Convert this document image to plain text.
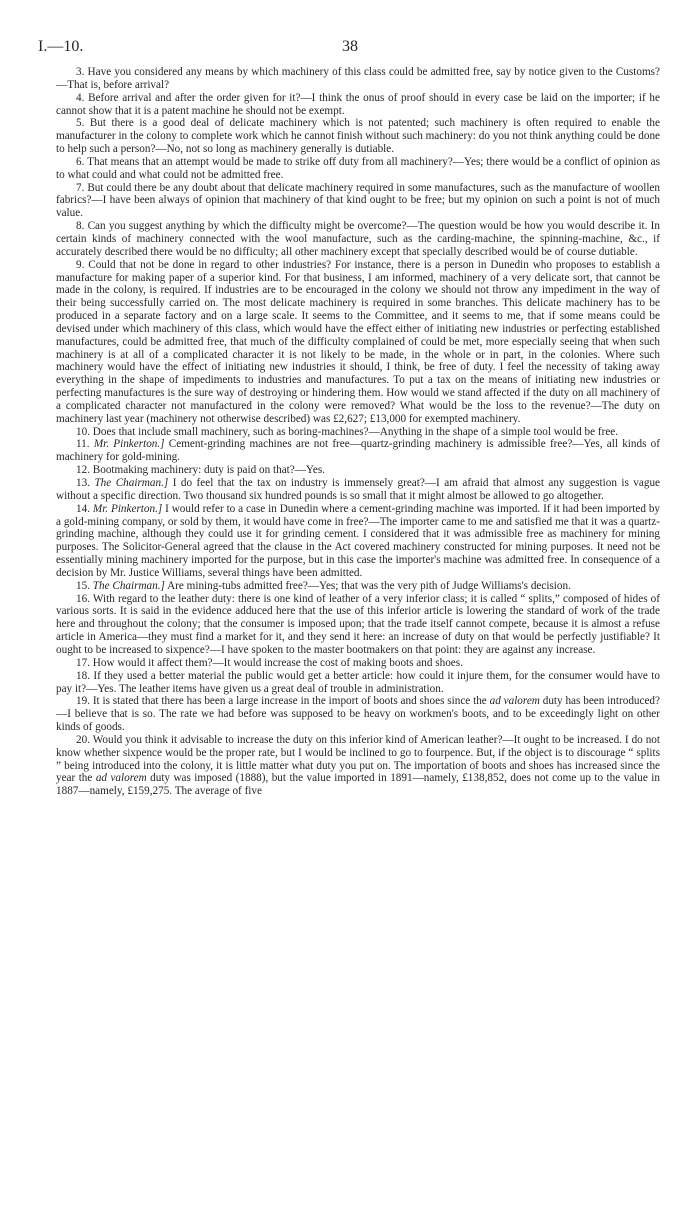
I.—10.	38

3. Have you considered any means by which machinery of this class could be admitted free, say by notice given to the Customs?—That is, before arrival?

4. Before arrival and after the order given for it?—I think the onus of proof should in every case be laid on the importer; if he cannot show that it is a patent machine he should not be exempt.

5. But there is a good deal of delicate machinery which is not patented; such machinery is often required to enable the manufacturer in the colony to complete work which he cannot finish without such machinery: do you not think anything could be done to help such a person?—No, not so long as machinery generally is dutiable.

6. That means that an attempt would be made to strike off duty from all machinery?—Yes; there would be a conflict of opinion as to what could and what could not be admitted free.

7. But could there be any doubt about that delicate machinery required in some manufactures, such as the manufacture of woollen fabrics?—I have been always of opinion that machinery of that kind ought to be free; but my opinion on such a point is not of much value.

8. Can you suggest anything by which the difficulty might be overcome?—The question would be how you would describe it. In certain kinds of machinery connected with the wool manufacture, such as the carding-machine, the spinning-machine, &c., if accurately described there would be no difficulty; all other machinery except that specially described would be of course dutiable.

9. Could that not be done in regard to other industries? For instance, there is a person in Dunedin who proposes to establish a manufacture for making paper of a superior kind. For that business, I am informed, machinery of a very delicate sort, that cannot be made in the colony, is required. If industries are to be encouraged in the colony we should not throw any impediment in the way of their being successfully carried on. The most delicate machinery is required in some branches. This delicate machinery has to be produced in a separate factory and on a large scale. It seems to the Committee, and it seems to me, that if some means could be devised under which machinery of this class, which would have the effect either of initiating new industries or perfecting established manufactures, could be admitted free, that much of the difficulty complained of could be met, more especially seeing that when such machinery is at all of a complicated character it is not likely to be made, in the whole or in part, in the colonies. Where such machinery would have the effect of initiating new industries it should, I think, be free of duty. I feel the necessity of taking away everything in the shape of impediments to industries and manufactures. To put a tax on the means of initiating new industries or perfecting manufactures is the sure way of destroying or hindering them. How would we stand affected if the duty on all machinery of a complicated character not manufactured in the colony were removed? What would be the loss to the revenue?—The duty on machinery last year (machinery not otherwise described) was £2,627; £13,000 for exempted machinery.

10. Does that include small machinery, such as boring-machines?—Anything in the shape of a simple tool would be free.

11. Mr. Pinkerton.] Cement-grinding machines are not free—quartz-grinding machinery is admissible free?—Yes, all kinds of machinery for gold-mining.

12. Bootmaking machinery: duty is paid on that?—Yes.

13. The Chairman.] I do feel that the tax on industry is immensely great?—I am afraid that almost any suggestion is vague without a specific direction. Two thousand six hundred pounds is so small that it might almost be allowed to go altogether.

14. Mr. Pinkerton.] I would refer to a case in Dunedin where a cement-grinding machine was imported. If it had been imported by a gold-mining company, or sold by them, it would have come in free?—The importer came to me and satisfied me that it was a quartz-grinding machine, although they could use it for grinding cement. I considered that it was admissible free as machinery for mining purposes. The Solicitor-General agreed that the clause in the Act covered machinery constructed for mining purposes. It need not be essentially mining machinery imported for the purpose, but in this case the importer's machine was admitted free. In consequence of a decision by Mr. Justice Williams, several things have been admitted.

15. The Chairman.] Are mining-tubs admitted free?—Yes; that was the very pith of Judge Williams's decision.

16. With regard to the leather duty: there is one kind of leather of a very inferior class; it is called “ splits,” composed of hides of various sorts. It is said in the evidence adduced here that the use of this inferior article is lowering the standard of work of the trade here and throughout the colony; that the consumer is imposed upon; that the trade itself cannot compete, because it is almost a refuse article in America—they must find a market for it, and they send it here: an increase of duty on that would be perfectly justifiable? It ought to be increased to sixpence?—I have spoken to the master bootmakers on that point: they are against any increase.

17. How would it affect them?—It would increase the cost of making boots and shoes.

18. If they used a better material the public would get a better article: how could it injure them, for the consumer would have to pay it?—Yes. The leather items have given us a great deal of trouble in administration.

19. It is stated that there has been a large increase in the import of boots and shoes since the ad valorem duty has been introduced?—I believe that is so. The rate we had before was supposed to be heavy on workmen's boots, and to be exceedingly light on other kinds of goods.

20. Would you think it advisable to increase the duty on this inferior kind of American leather?—It ought to be increased. I do not know whether sixpence would be the proper rate, but I would be inclined to go to fourpence. But, if the object is to discourage “ splits ” being introduced into the colony, it is little matter what duty you put on. The importation of boots and shoes has increased since the year the ad valorem duty was imposed (1888), but the value imported in 1891—namely, £138,852, does not come up to the value in 1887—namely, £159,275. The average of five
